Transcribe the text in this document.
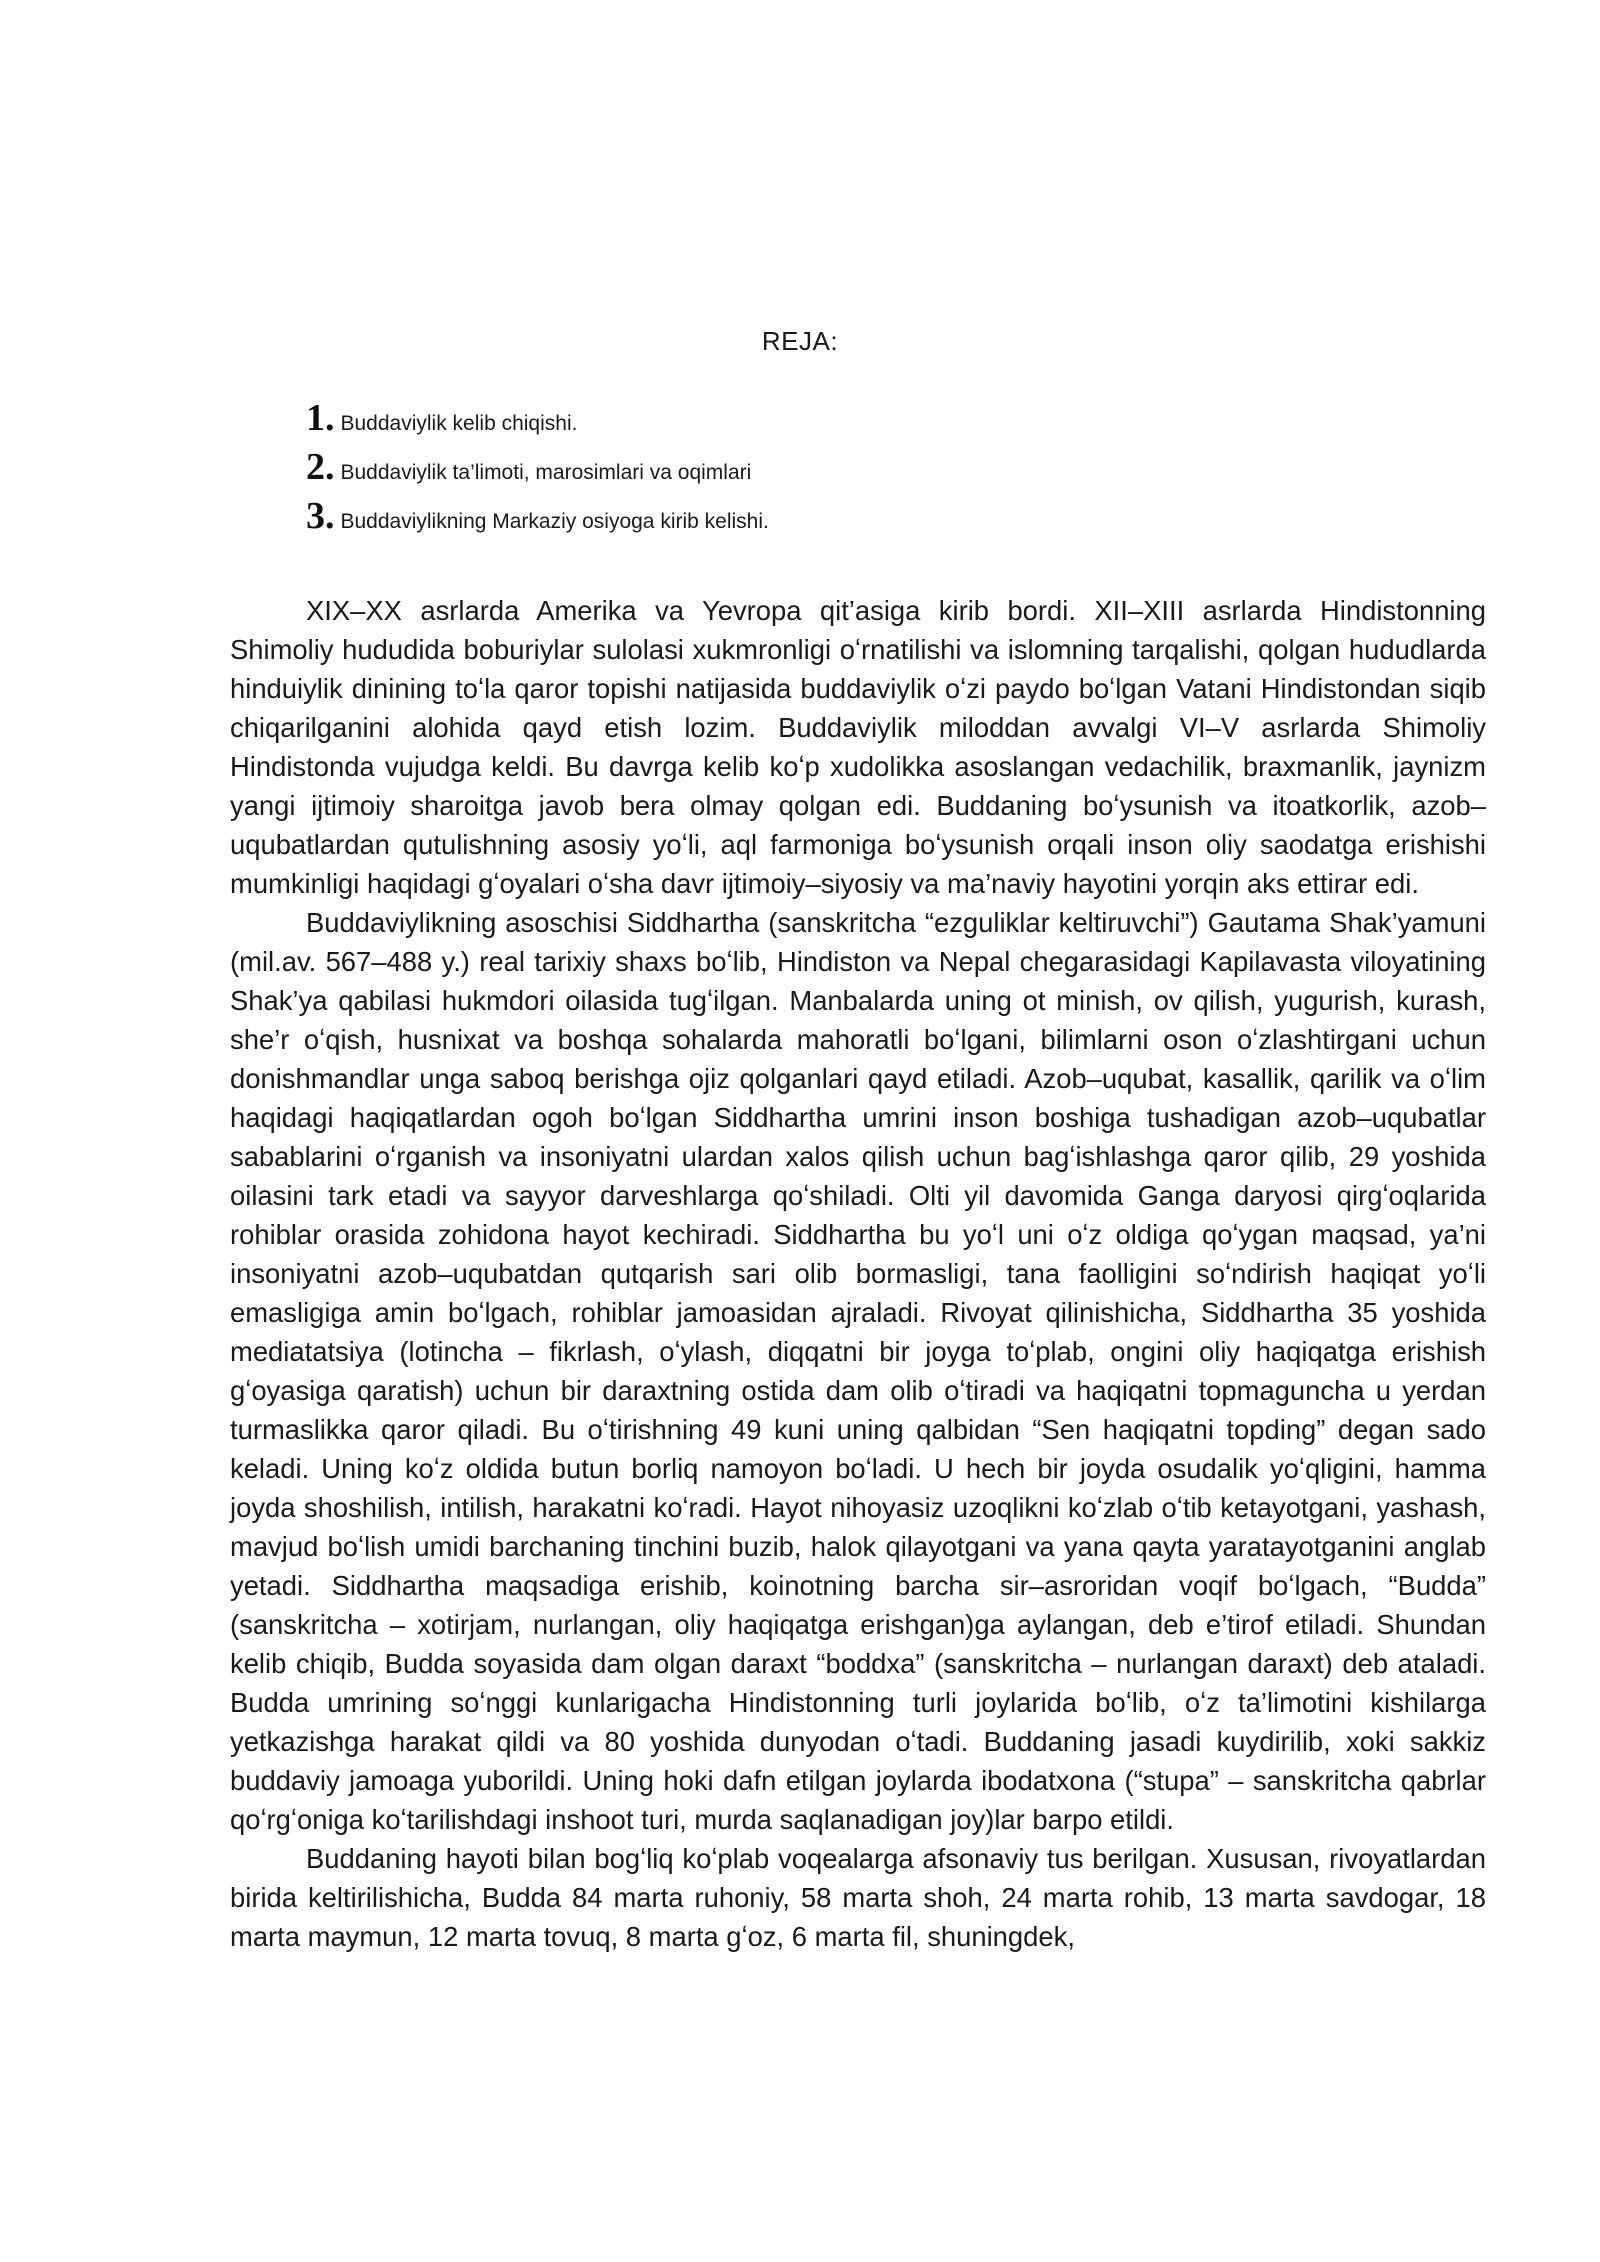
REJA:
1. Buddaviylik kelib chiqishi.
2. Buddaviylik ta’limoti, marosimlari va oqimlari
3. Buddaviylikning Markaziy osiyoga kirib kelishi.

XIX–XX asrlarda Amerika va Yevropa qit’asiga kirib bordi. XII–XIII asrlarda Hindistonning Shimoliy hududida boburiylar sulolasi xukmronligi oʻrnatilishi va islomning tarqalishi, qolgan hududlarda hinduiylik dinining toʻla qaror topishi natijasida buddaviylik oʻzi paydo boʻlgan Vatani Hindistondan siqib chiqarilganini alohida qayd etish lozim. Buddaviylik miloddan avvalgi VI–V asrlarda Shimoliy Hindistonda vujudga keldi. Bu davrga kelib koʻp xudolikka asoslangan vedachilik, braxmanlik, jaynizm yangi ijtimoiy sharoitga javob bera olmay qolgan edi. Buddaning boʻysunish va itoatkorlik, azob–uqubatlardan qutulishning asosiy yoʻli, aql farmoniga boʻysunish orqali inson oliy saodatga erishishi mumkinligi haqidagi gʻoyalari oʻsha davr ijtimoiy–siyosiy va ma’naviy hayotini yorqin aks ettirar edi.

Buddaviylikning asoschisi Siddhartha (sanskritcha “ezguliklar keltiruvchi”) Gautama Shak’yamuni (mil.av. 567–488 y.) real tarixiy shaxs boʻlib, Hindiston va Nepal chegarasidagi Kapilavasta viloyatining Shak’ya qabilasi hukmdori oilasida tugʻilgan. Manbalarda uning ot minish, ov qilish, yugurish, kurash, she’r oʻqish, husnixat va boshqa sohalarda mahoratli boʻlgani, bilimlarni oson oʻzlashtirgani uchun donishmandlar unga saboq berishga ojiz qolganlari qayd etiladi. Azob–uqubat, kasallik, qarilik va oʻlim haqidagi haqiqatlardan ogoh boʻlgan Siddhartha umrini inson boshiga tushadigan azob–uqubatlar sabablarini oʻrganish va insoniyatni ulardan xalos qilish uchun bagʻishlashga qaror qilib, 29 yoshida oilasini tark etadi va sayyor darveshlarga qoʻshiladi. Olti yil davomida Ganga daryosi qirgʻoqlarida rohiblar orasida zohidona hayot kechiradi. Siddhartha bu yoʻl uni oʻz oldiga qoʻygan maqsad, ya’ni insoniyatni azob–uqubatdan qutqarish sari olib bormasligi, tana faolligini soʻndirish haqiqat yoʻli emasligiga amin boʻlgach, rohiblar jamoasidan ajraladi. Rivoyat qilinishicha, Siddhartha 35 yoshida mediatatsiya (lotincha – fikrlash, oʻylash, diqqatni bir joyga toʻplab, ongini oliy haqiqatga erishish gʻoyasiga qaratish) uchun bir daraxtning ostida dam olib oʻtiradi va haqiqatni topmaguncha u yerdan turmaslikka qaror qiladi. Bu oʻtirishning 49 kuni uning qalbidan “Sen haqiqatni topding” degan sado keladi. Uning koʻz oldida butun borliq namoyon boʻladi. U hech bir joyda osudalik yoʻqligini, hamma joyda shoshilish, intilish, harakatni koʻradi. Hayot nihoyasiz uzoqlikni koʻzlab oʻtib ketayotgani, yashash, mavjud boʻlish umidi barchaning tinchini buzib, halok qilayotgani va yana qayta yaratayotganini anglab yetadi. Siddhartha maqsadiga erishib, koinotning barcha sir–asroridan voqif boʻlgach, “Budda” (sanskritcha – xotirjam, nurlangan, oliy haqiqatga erishgan)ga aylangan, deb e’tirof etiladi. Shundan kelib chiqib, Budda soyasida dam olgan daraxt “boddxa” (sanskritcha – nurlangan daraxt) deb ataladi. Budda umrining soʻnggi kunlarigacha Hindistonning turli joylarida boʻlib, oʻz ta’limotini kishilarga yetkazishga harakat qildi va 80 yoshida dunyodan oʻtadi. Buddaning jasadi kuydirilib, xoki sakkiz buddaviy jamoaga yuborildi. Uning hoki dafn etilgan joylarda ibodatxona (“stupa” – sanskritcha qabrlar qoʻrgʻoniga koʻtarilishdagi inshoot turi, murda saqlanadigan joy)lar barpo etildi.

Buddaning hayoti bilan bogʻliq koʻplab voqealarga afsonaviy tus berilgan. Xususan, rivoyatlardan birida keltirilishicha, Budda 84 marta ruhoniy, 58 marta shoh, 24 marta rohib, 13 marta savdogar, 18 marta maymun, 12 marta tovuq, 8 marta gʻoz, 6 marta fil, shuningdek,
